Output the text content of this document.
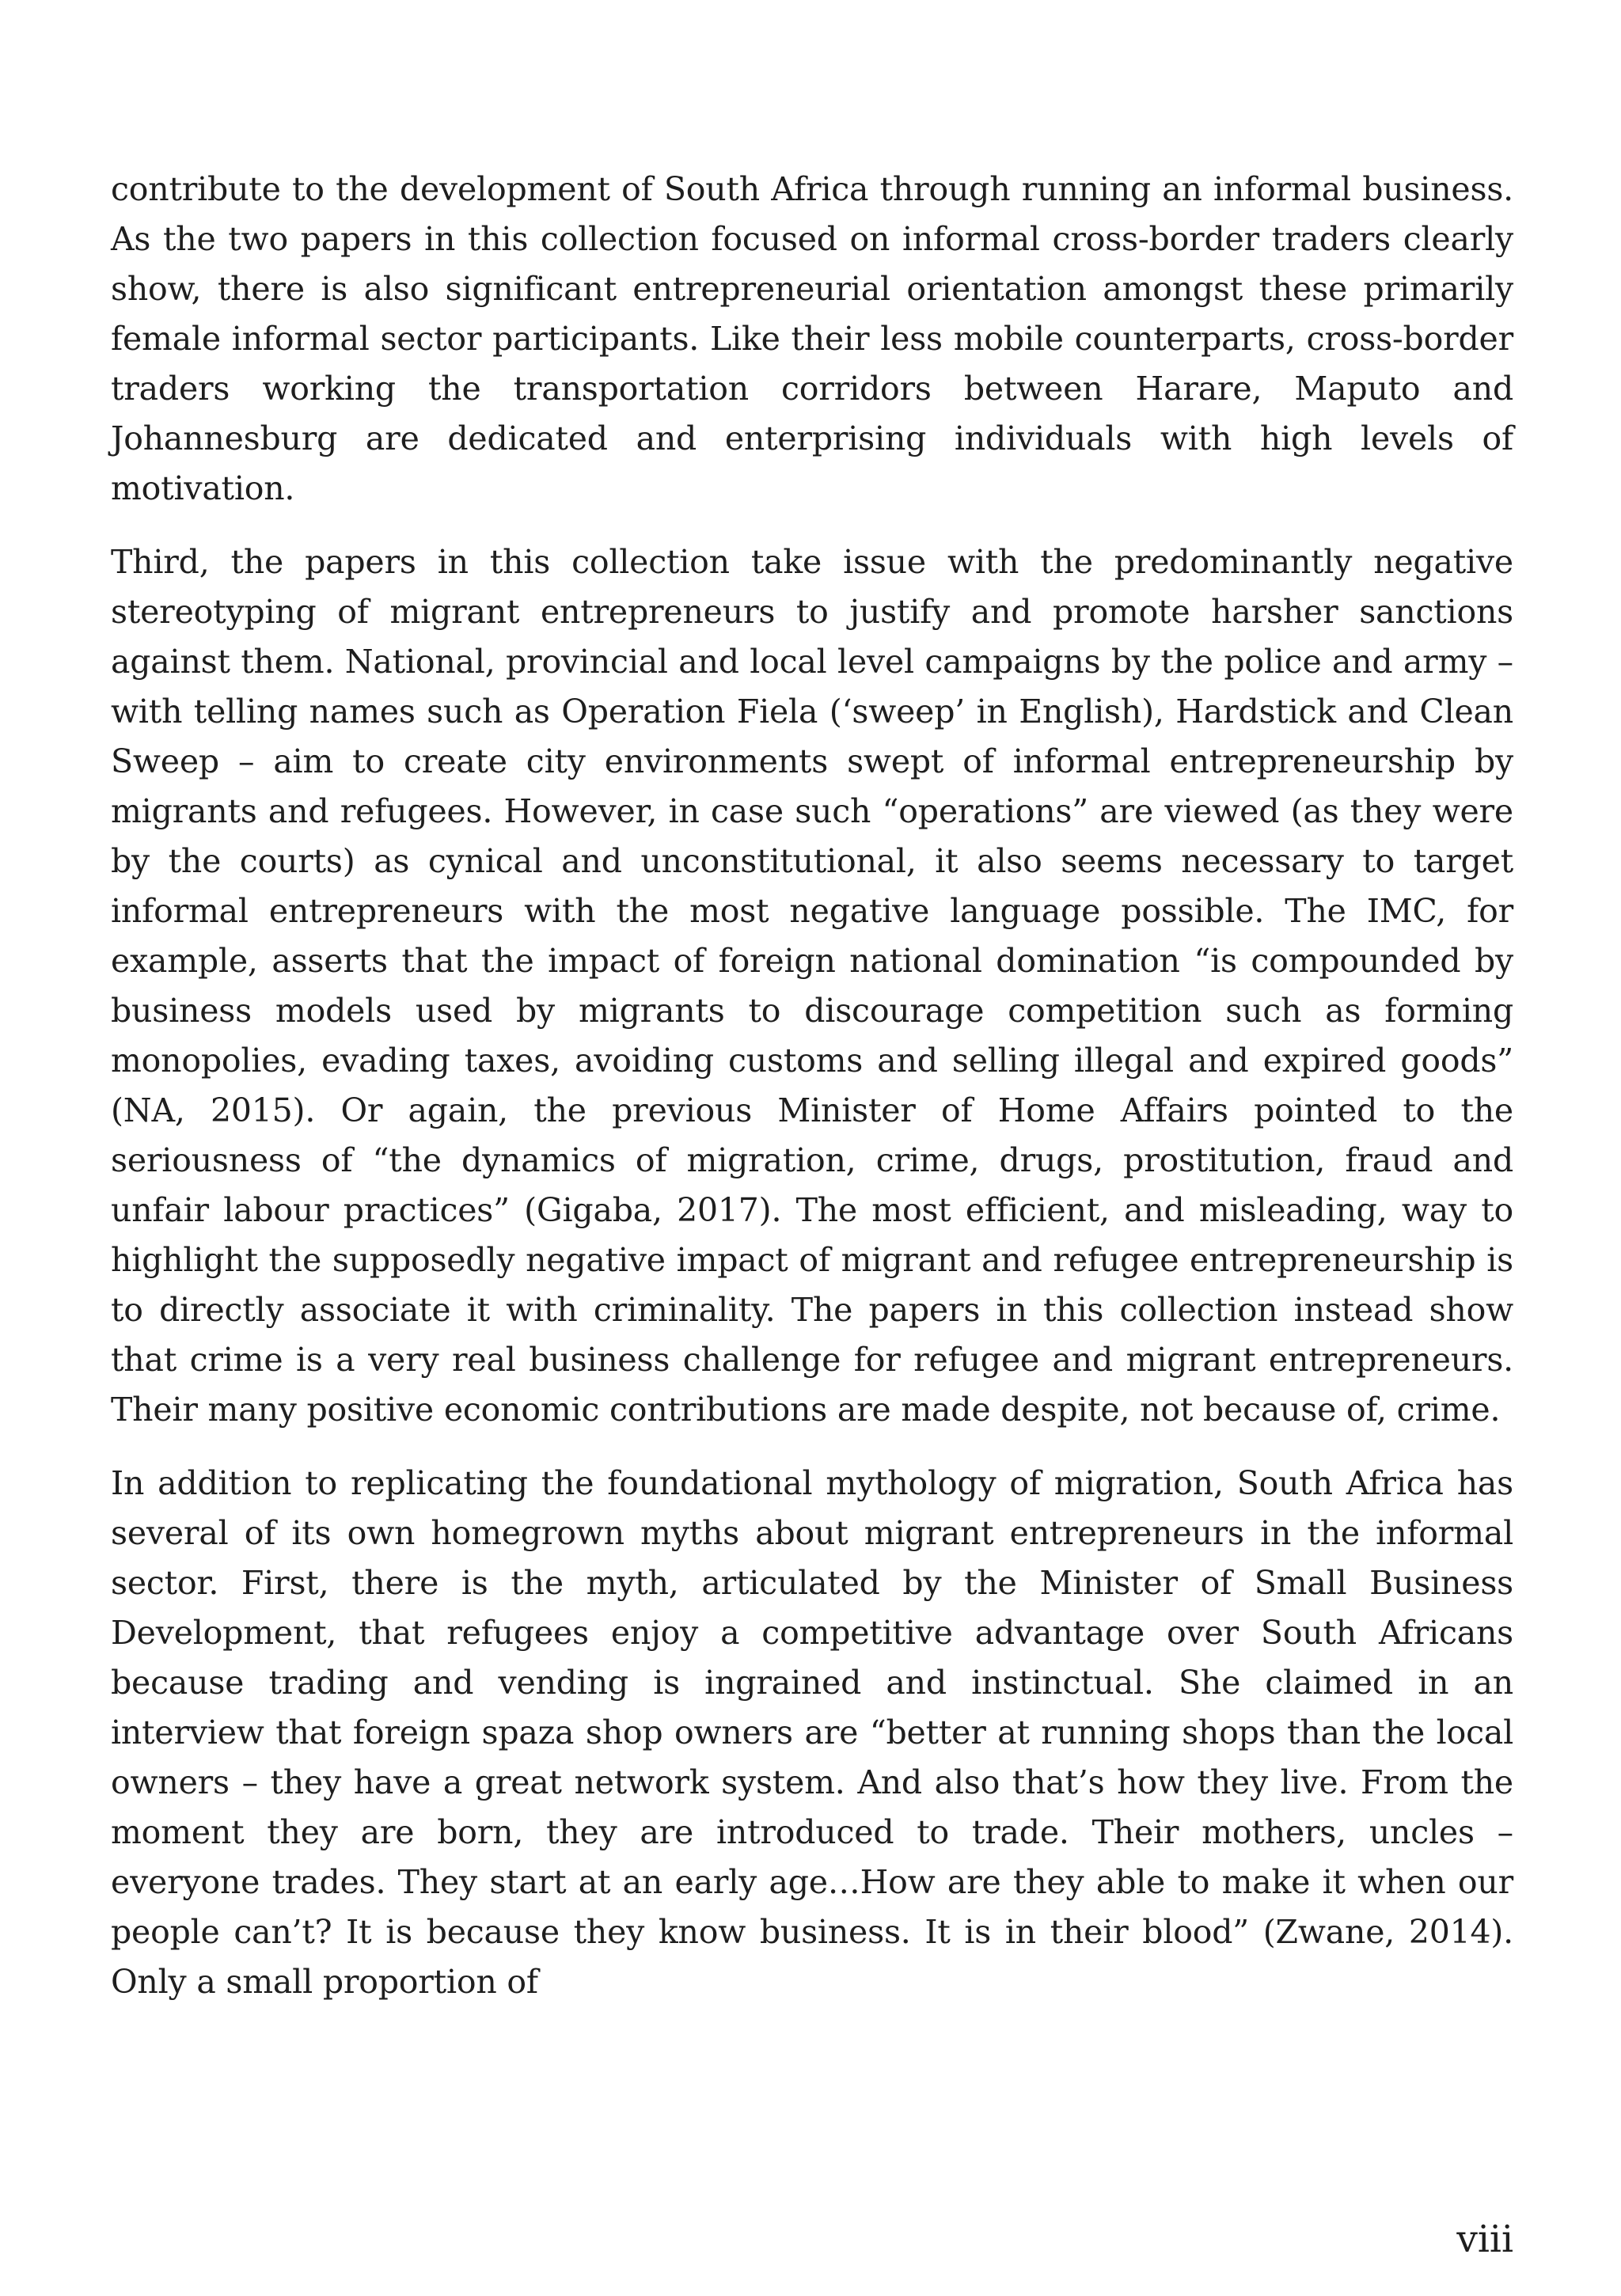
contribute to the development of South Africa through running an informal business. As the two papers in this collection focused on informal cross-border traders clearly show, there is also significant entrepreneurial orientation amongst these primarily female informal sector participants. Like their less mobile counterparts, cross-border traders working the transportation corridors between Harare, Maputo and Johannesburg are dedicated and enterprising individuals with high levels of motivation.

Third, the papers in this collection take issue with the predominantly negative stereotyping of migrant entrepreneurs to justify and promote harsher sanctions against them. National, provincial and local level campaigns by the police and army – with telling names such as Operation Fiela (‘sweep’ in English), Hardstick and Clean Sweep – aim to create city environments swept of informal entrepreneurship by migrants and refugees. However, in case such “operations” are viewed (as they were by the courts) as cynical and unconstitutional, it also seems necessary to target informal entrepreneurs with the most negative language possible. The IMC, for example, asserts that the impact of foreign national domination “is compounded by business models used by migrants to discourage competition such as forming monopolies, evading taxes, avoiding customs and selling illegal and expired goods” (NA, 2015). Or again, the previous Minister of Home Affairs pointed to the seriousness of “the dynamics of migration, crime, drugs, prostitution, fraud and unfair labour practices” (Gigaba, 2017). The most efficient, and misleading, way to highlight the supposedly negative impact of migrant and refugee entrepreneurship is to directly associate it with criminality. The papers in this collection instead show that crime is a very real business challenge for refugee and migrant entrepreneurs. Their many positive economic contributions are made despite, not because of, crime.

In addition to replicating the foundational mythology of migration, South Africa has several of its own homegrown myths about migrant entrepreneurs in the informal sector. First, there is the myth, articulated by the Minister of Small Business Development, that refugees enjoy a competitive advantage over South Africans because trading and vending is ingrained and instinctual. She claimed in an interview that foreign spaza shop owners are “better at running shops than the local owners – they have a great network system. And also that’s how they live. From the moment they are born, they are introduced to trade. Their mothers, uncles – everyone trades. They start at an early age…How are they able to make it when our people can’t? It is because they know business. It is in their blood” (Zwane, 2014). Only a small proportion of

viii
